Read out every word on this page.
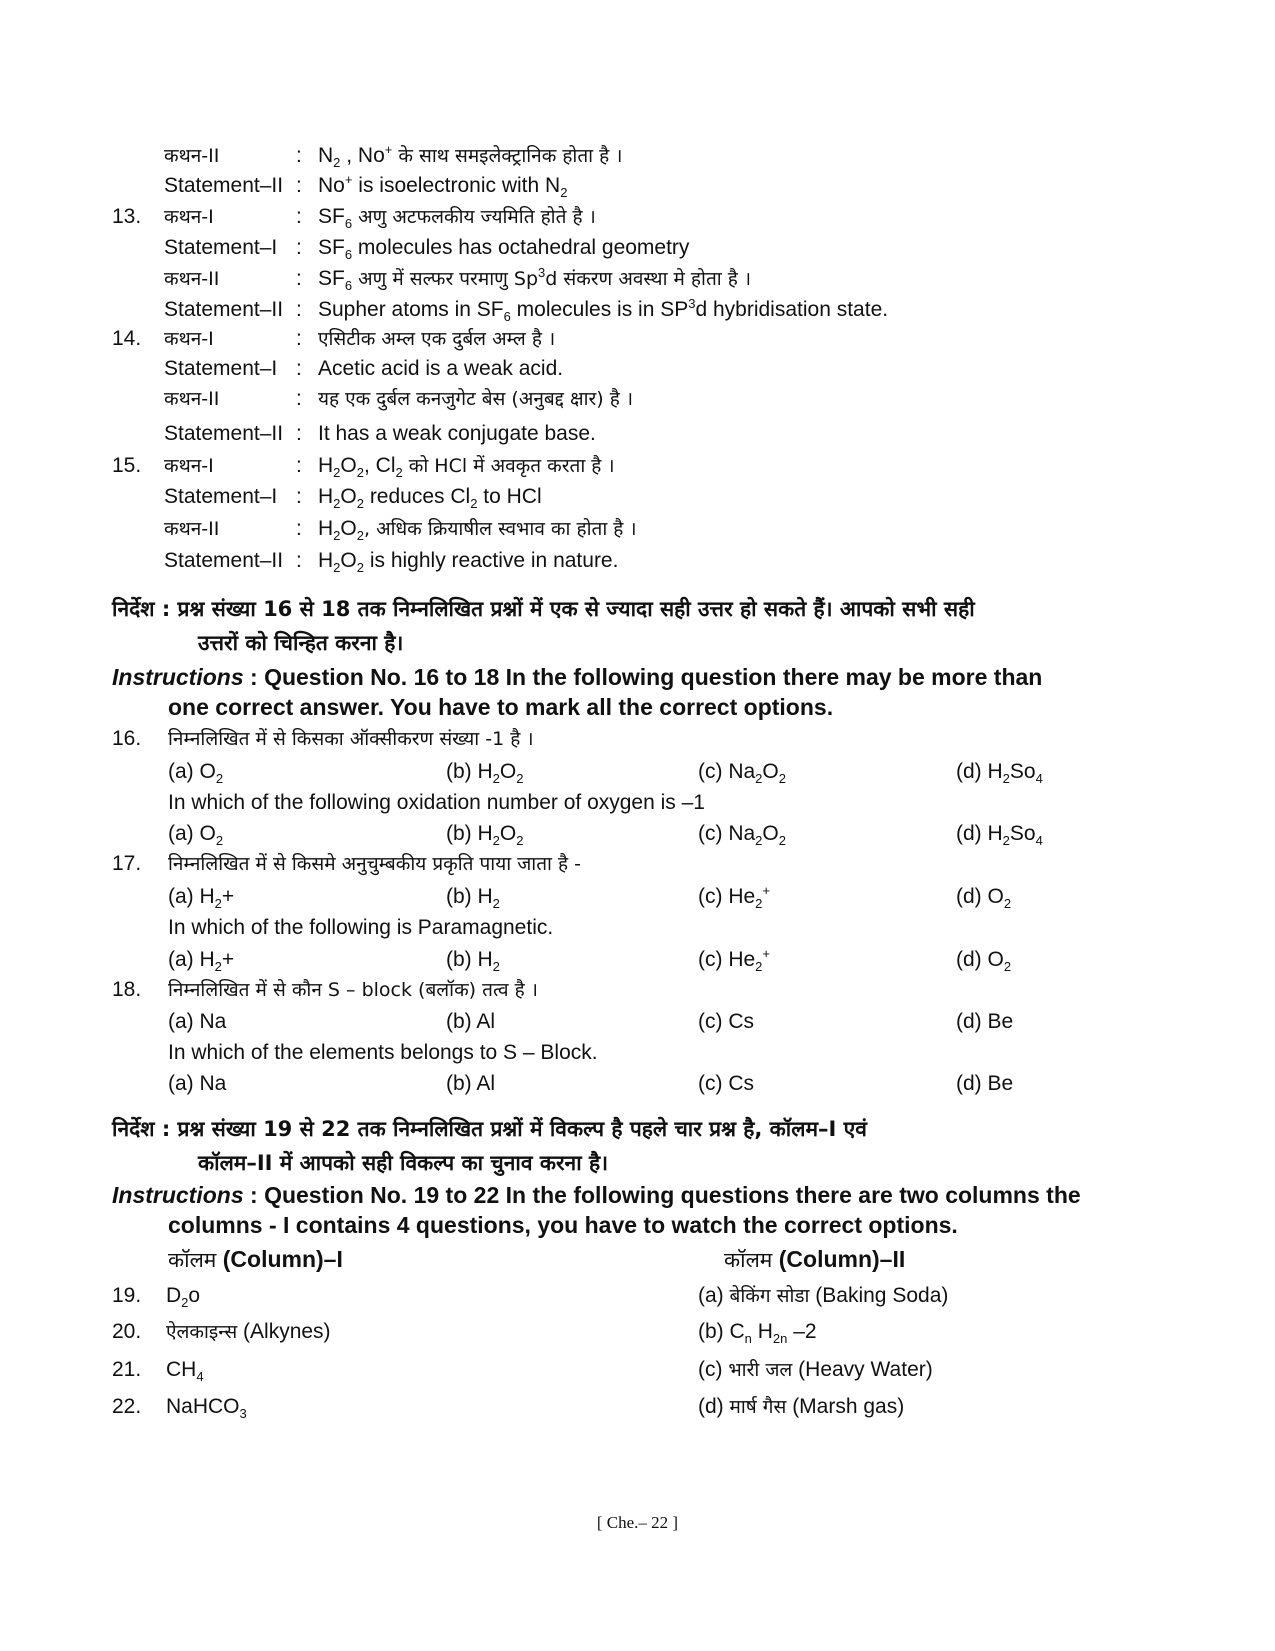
कथन-II	: $N_2$ , No+ के साथ समइलेक्ट्रानिक होता है ।
Statement–II : No+ is isoelectronic with $N_2$
13. कथन-I	: $SF_6$ अणु अटफलकीय ज्यमिति होते है ।
Statement–I : $SF_6$ molecules has octahedral geometry
कथन-II	: $SF_6$ अणु में सल्फर परमाणु Sp$^3$d संकरण अवस्था मे होता है ।
Statement–II : Supher atoms in $SF_6$ molecules is in $SP^3d$ hybridisation state.
14. कथन-I	: एसिटीक अम्ल एक दुर्बल अम्ल है ।
Statement–I : Acetic acid is a weak acid.
कथन-II	: यह एक दुर्बल कनजुगेट बेस (अनुबद्द क्षार) है ।
Statement–II : It has a weak conjugate base.
15. कथन-I	: $H_2O_2$, $Cl_2$ को HCl में अवकृत करता है ।
Statement–I : $H_2O_2$ reduces $Cl_2$ to HCl
कथन-II	: $H_2O_2$, अधिक क्रियाषील स्वभाव का होता है ।
Statement–II : $H_2O_2$ is highly reactive in nature.
निर्देश : प्रश्न संख्या 16 से 18 तक निम्नलिखित प्रश्नों में एक से ज्यादा सही उत्तर हो सकते हैं। आपको सभी सही
उत्तरों को चिन्हित करना है।
Instructions : Question No. 16 to 18 In the following question there may be more than
one correct answer. You have to mark all the correct options.
16. निम्नलिखित में से किसका ऑक्सीकरण संख्या -1 है ।
(a) $O_2$	(b) $H_2O_2$	(c) $Na_2O_2$	(d) $H_2So_4$
In which of the following oxidation number of oxygen is –1
(a) $O_2$	(b) $H_2O_2$	(c) $Na_2O_2$	(d) $H_2So_4$
17. निम्नलिखित में से किसमे अनुचुम्बकीय प्रकृति पाया जाता है -
(a) $H_2+$	(b) $H_2$	(c) $He_2^+$	(d) $O_2$
In which of the following is Paramagnetic.
(a) $H_2+$	(b) $H_2$	(c) $He_2^+$	(d) $O_2$
18. निम्नलिखित में से कौन S – block (बलॉक) तत्व है ।
(a) Na	(b) Al	(c) Cs	(d) Be
In which of the elements belongs to S – Block.
(a) Na	(b) Al	(c) Cs	(d) Be
निर्देश : प्रश्न संख्या 19 से 22 तक निम्नलिखित प्रश्नों में विकल्प है पहले चार प्रश्न है, कॉलम–I एवं
कॉलम–II में आपको सही विकल्प का चुनाव करना है।
Instructions : Question No. 19 to 22 In the following questions there are two columns the
columns - I contains 4 questions, you have to watch the correct options.
कॉलम (Column)–I	कॉलम (Column)–II
19. $D_2o$	(a) बेकिंग सोडा (Baking Soda)
20. ऐलकाइन्स (Alkynes)	(b) $C_n$ $H_{2n}$ –2
21. $CH_4$	(c) भारी जल (Heavy Water)
22. NaHCO$_3$	(d) मार्ष गैस (Marsh gas)
[ Che.– 22 ]
